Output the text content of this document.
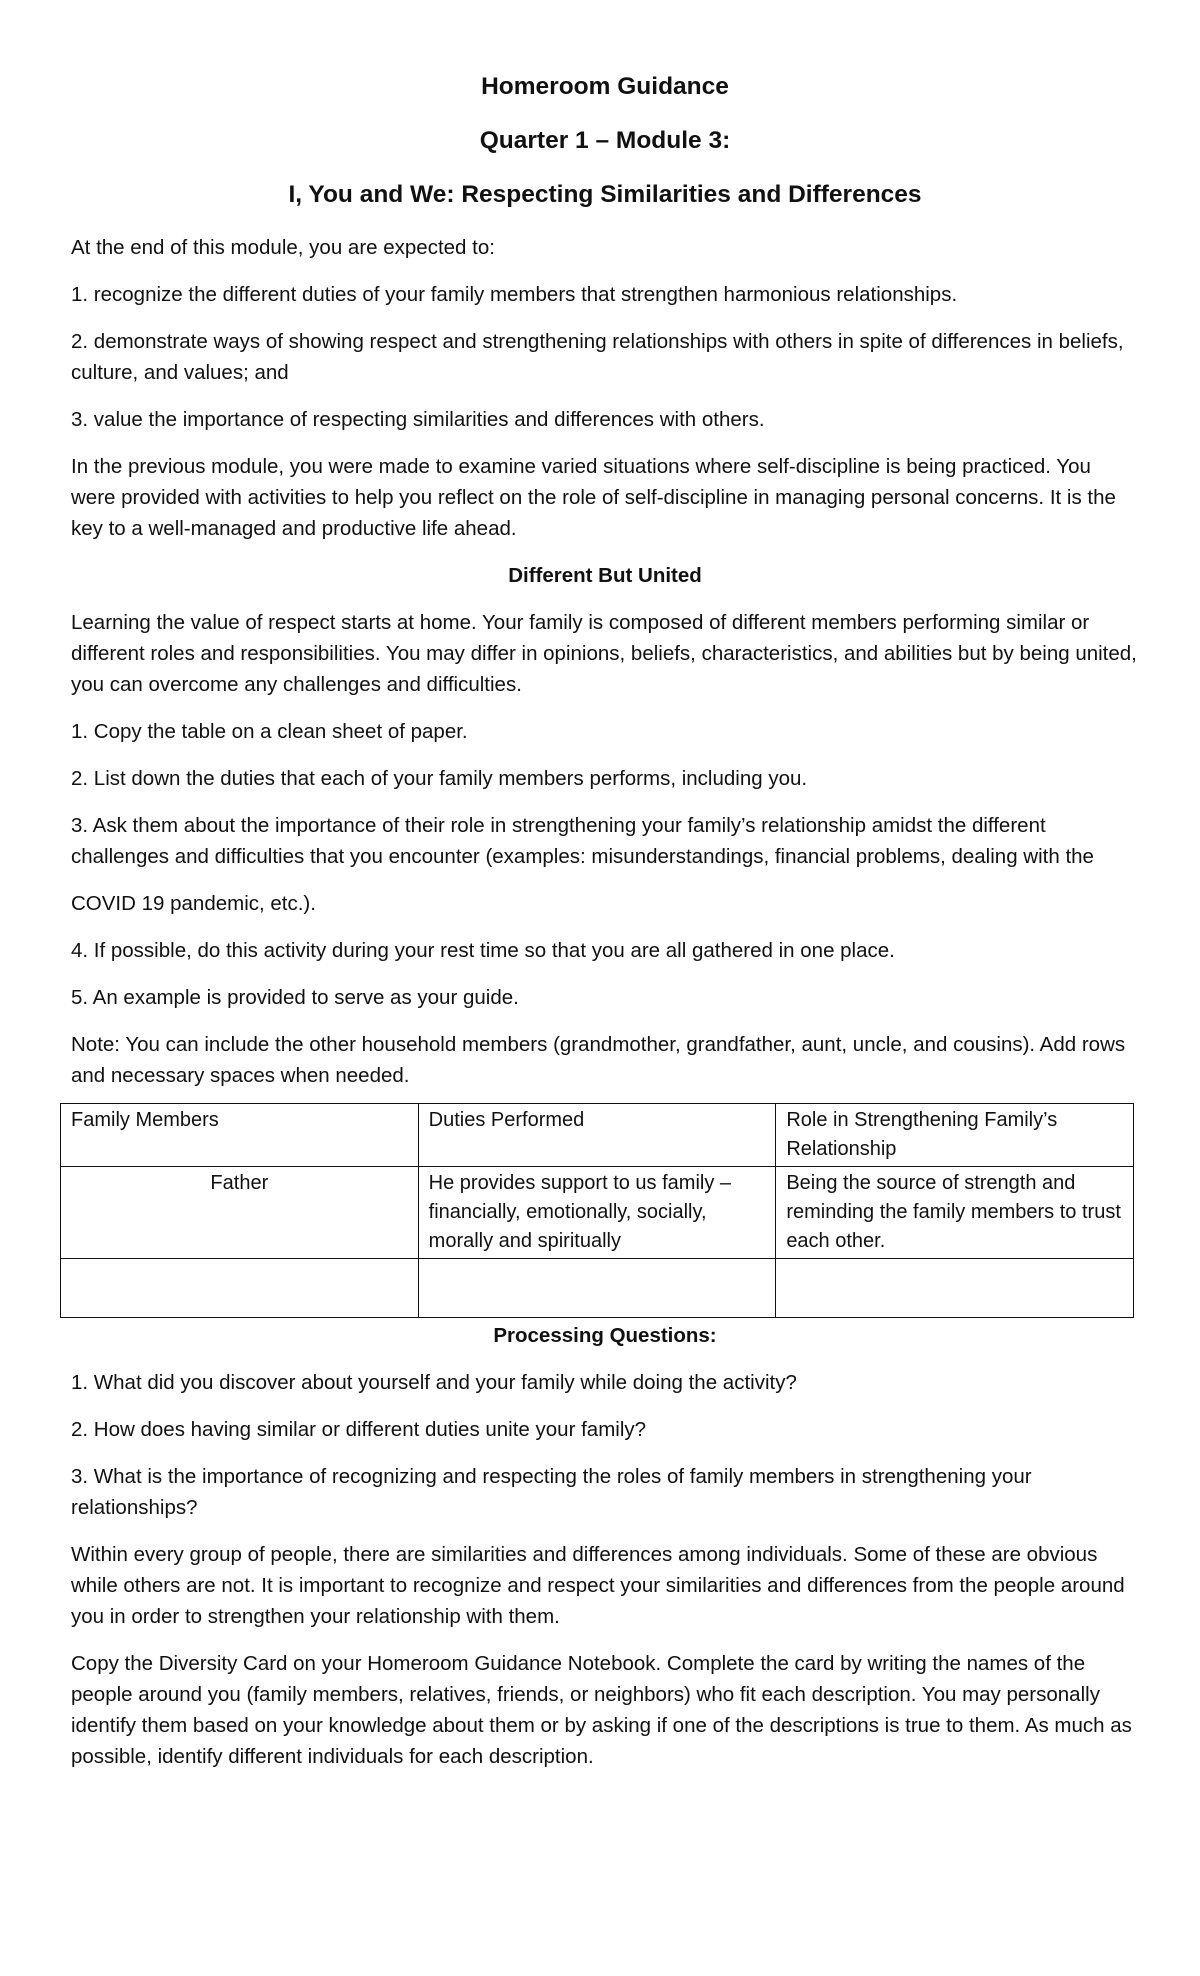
Homeroom Guidance

Quarter 1 – Module 3:

I, You and We: Respecting Similarities and Differences

At the end of this module, you are expected to:

1. recognize the different duties of your family members that strengthen harmonious relationships.

2. demonstrate ways of showing respect and strengthening relationships with others in spite of differences in beliefs, culture, and values; and

3. value the importance of respecting similarities and differences with others.

In the previous module, you were made to examine varied situations where self-discipline is being practiced. You were provided with activities to help you reflect on the role of self-discipline in managing personal concerns. It is the key to a well-managed and productive life ahead.

Different But United

Learning the value of respect starts at home. Your family is composed of different members performing similar or different roles and responsibilities. You may differ in opinions, beliefs, characteristics, and abilities but by being united, you can overcome any challenges and difficulties.

1. Copy the table on a clean sheet of paper.

2. List down the duties that each of your family members performs, including you.

3. Ask them about the importance of their role in strengthening your family’s relationship amidst the different challenges and difficulties that you encounter (examples: misunderstandings, financial problems, dealing with the

COVID 19 pandemic, etc.).

4. If possible, do this activity during your rest time so that you are all gathered in one place.

5. An example is provided to serve as your guide.

Note: You can include the other household members (grandmother, grandfather, aunt, uncle, and cousins). Add rows and necessary spaces when needed.

Family Members	Duties Performed	Role in Strengthening Family’s Relationship
Father	He provides support to us family – financially, emotionally, socially, morally and spiritually	Being the source of strength and reminding the family members to trust each other.

Processing Questions:

1. What did you discover about yourself and your family while doing the activity?

2. How does having similar or different duties unite your family?

3. What is the importance of recognizing and respecting the roles of family members in strengthening your relationships?

Within every group of people, there are similarities and differences among individuals. Some of these are obvious while others are not. It is important to recognize and respect your similarities and differences from the people around you in order to strengthen your relationship with them.

Copy the Diversity Card on your Homeroom Guidance Notebook. Complete the card by writing the names of the people around you (family members, relatives, friends, or neighbors) who fit each description. You may personally identify them based on your knowledge about them or by asking if one of the descriptions is true to them. As much as possible, identify different individuals for each description.
